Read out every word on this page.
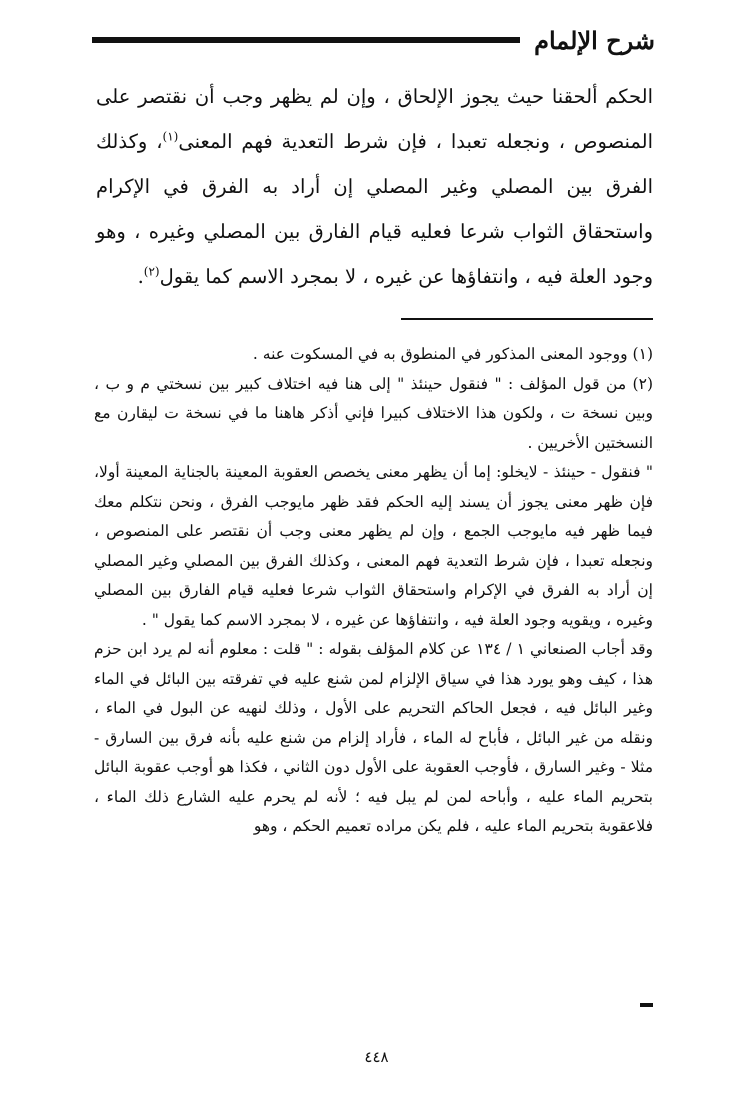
شرح الإلمام

الحكم ألحقنا حيث يجوز الإلحاق ، وإن لم يظهر وجب أن نقتصر على المنصوص ، ونجعله تعبدا ، فإن شرط التعدية فهم المعنى$^{(١)}$، وكذلك الفرق بين المصلي وغير المصلي إن أراد به الفرق في الإكرام واستحقاق الثواب شرعا فعليه قيام الفارق بين المصلي وغيره ، وهو وجود العلة فيه ، وانتفاؤها عن غيره ، لا بمجرد الاسم كما يقول$^{(٢)}$.

(١) ووجود المعنى المذكور في المنطوق به في المسكوت عنه .

(٢) من قول المؤلف : " فنقول حينئذ " إلى هنا فيه اختلاف كبير بين نسختي م و ب ، وبين نسخة ت ، ولكون هذا الاختلاف كبيرا فإني أذكر هاهنا ما في نسخة ت ليقارن مع النسختين الأخريين .

" فنقول - حينئذ - لايخلو: إما أن يظهر معنى يخصص العقوبة المعينة بالجناية المعينة أولا، فإن ظهر معنى يجوز أن يسند إليه الحكم فقد ظهر مايوجب الفرق ، ونحن نتكلم معك فيما ظهر فيه مايوجب الجمع ، وإن لم يظهر معنى وجب أن نقتصر على المنصوص ، ونجعله تعبدا ، فإن شرط التعدية فهم المعنى ، وكذلك الفرق بين المصلي وغير المصلي إن أراد به الفرق في الإكرام واستحقاق الثواب شرعا فعليه قيام الفارق بين المصلي وغيره ، ويقويه وجود العلة فيه ، وانتفاؤها عن غيره ، لا بمجرد الاسم كما يقول " .

وقد أجاب الصنعاني ١ / ١٣٤ عن كلام المؤلف بقوله : " قلت : معلوم أنه لم يرد ابن حزم هذا ، كيف وهو يورد هذا في سياق الإلزام لمن شنع عليه في تفرقته بين البائل في الماء وغير البائل فيه ، فجعل الحاكم التحريم على الأول ، وذلك لنهيه عن البول في الماء ، ونقله من غير البائل ، فأباح له الماء ، فأراد إلزام من شنع عليه بأنه فرق بين السارق - مثلا - وغير السارق ، فأوجب العقوبة على الأول دون الثاني ، فكذا هو أوجب عقوبة البائل بتحريم الماء عليه ، وأباحه لمن لم يبل فيه ؛ لأنه لم يحرم عليه الشارع ذلك الماء ، فلاعقوبة بتحريم الماء عليه ، فلم يكن مراده تعميم الحكم ، وهو

٤٤٨
